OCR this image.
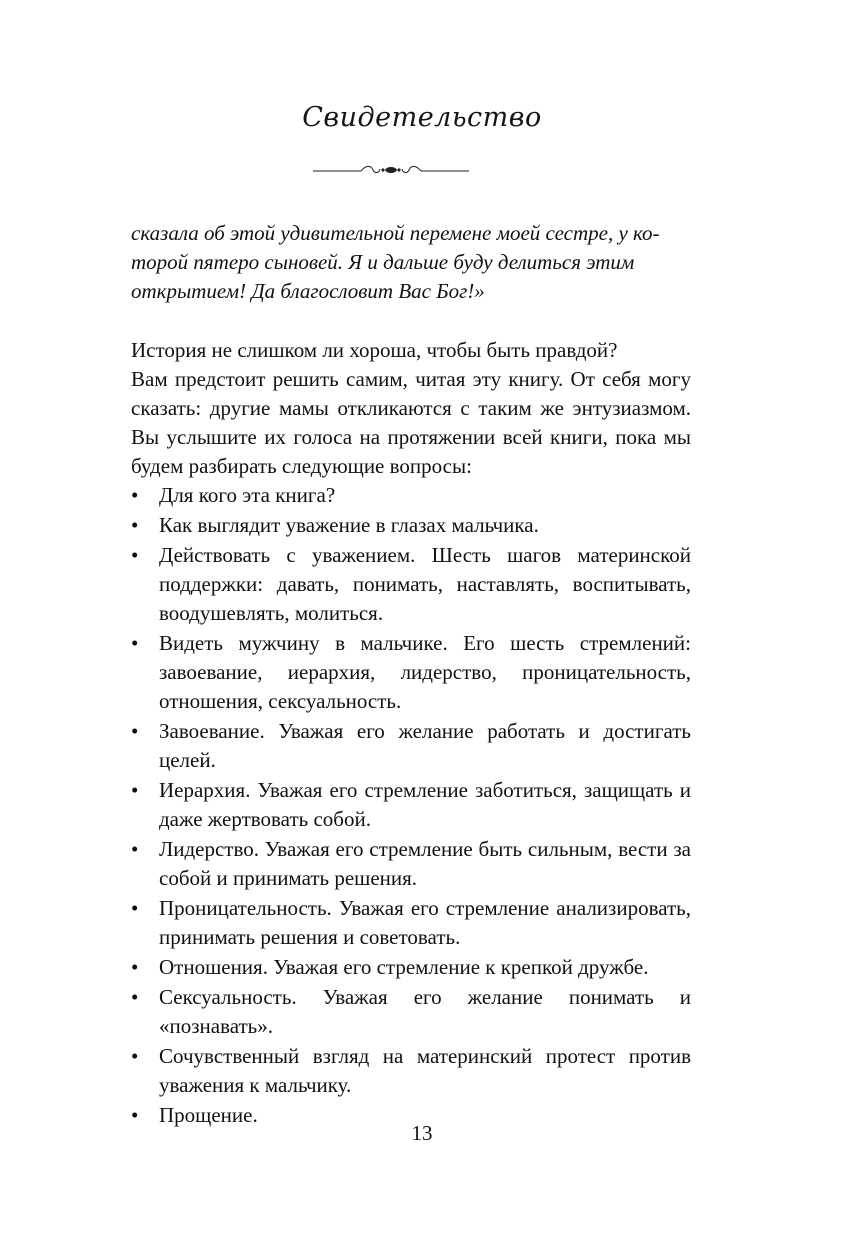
Свидетельство

сказала об этой удивительной перемене моей сестре, у ко-
торой пятеро сыновей. Я и дальше буду делиться этим
открытием! Да благословит Вас Бог!»

История не слишком ли хороша, чтобы быть правдой?

Вам предстоит решить самим, читая эту книгу. От себя могу сказать: другие мамы откликаются с таким же энтузиазмом. Вы услышите их голоса на протяжении всей книги, пока мы будем разбирать следующие вопросы:

• Для кого эта книга?
• Как выглядит уважение в глазах мальчика.
• Действовать с уважением. Шесть шагов материнской поддержки: давать, понимать, наставлять, воспитывать, воодушевлять, молиться.
• Видеть мужчину в мальчике. Его шесть стремлений: завоевание, иерархия, лидерство, проницательность, отношения, сексуальность.
• Завоевание. Уважая его желание работать и достигать целей.
• Иерархия. Уважая его стремление заботиться, защищать и даже жертвовать собой.
• Лидерство. Уважая его стремление быть сильным, вести за собой и принимать решения.
• Проницательность. Уважая его стремление анализировать, принимать решения и советовать.
• Отношения. Уважая его стремление к крепкой дружбе.
• Сексуальность. Уважая его желание понимать и «познавать».
• Сочувственный взгляд на материнский протест против уважения к мальчику.
• Прощение.
13
